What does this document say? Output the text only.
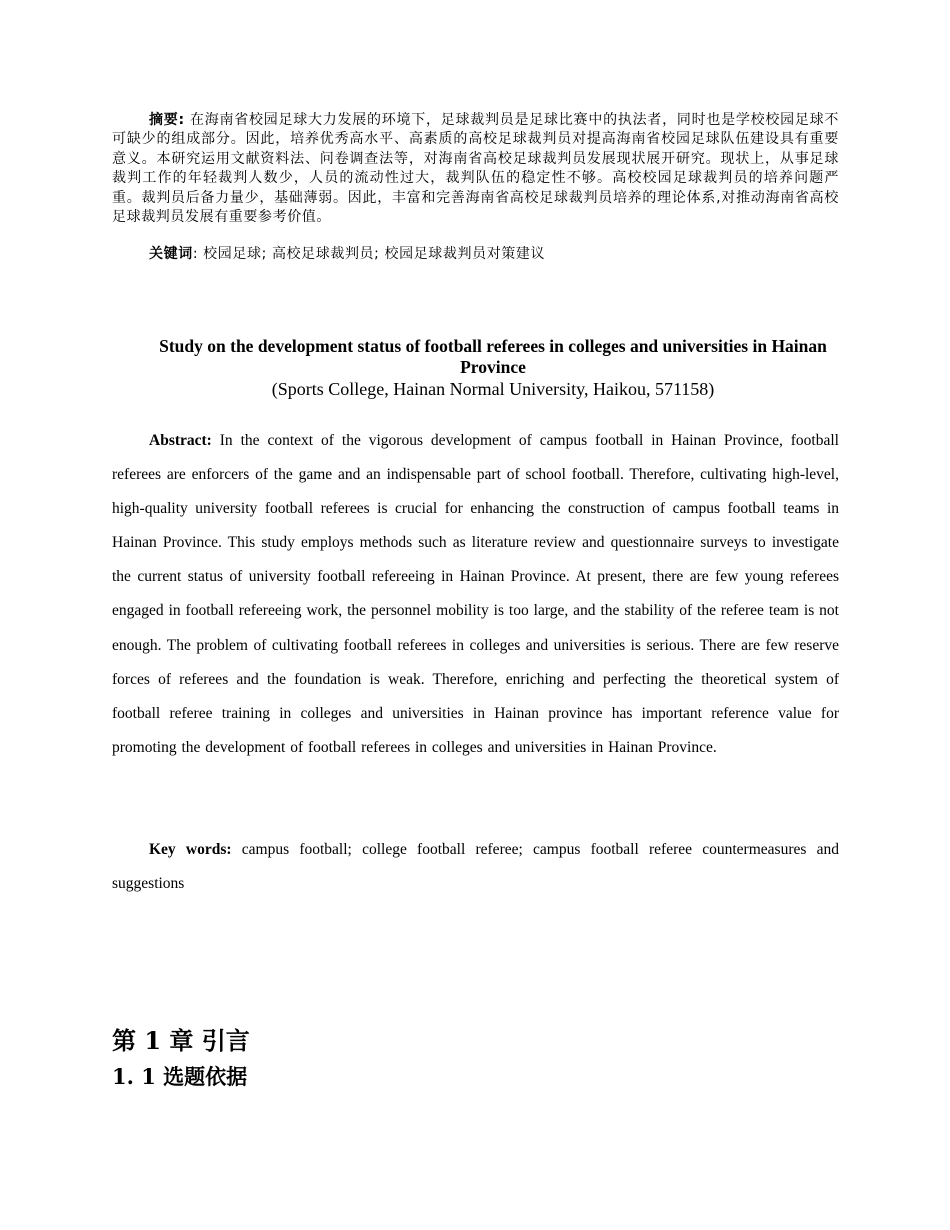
摘要: 在海南省校园足球大力发展的环境下，足球裁判员是足球比赛中的执法者，同时也是学校校园足球不可缺少的组成部分。因此，培养优秀高水平、高素质的高校足球裁判员对提高海南省校园足球队伍建设具有重要意义。本研究运用文献资料法、问卷调查法等，对海南省高校足球裁判员发展现状展开研究。现状上，从事足球裁判工作的年轻裁判人数少，人员的流动性过大，裁判队伍的稳定性不够。高校校园足球裁判员的培养问题严重。裁判员后备力量少，基础薄弱。因此，丰富和完善海南省高校足球裁判员培养的理论体系,对推动海南省高校足球裁判员发展有重要参考价值。

关键词: 校园足球; 高校足球裁判员; 校园足球裁判员对策建议

Study on the development status of football referees in colleges and universities in Hainan Province

(Sports College, Hainan Normal University, Haikou, 571158)

Abstract: In the context of the vigorous development of campus football in Hainan Province, football referees are enforcers of the game and an indispensable part of school football. Therefore, cultivating high-level, high-quality university football referees is crucial for enhancing the construction of campus football teams in Hainan Province. This study employs methods such as literature review and questionnaire surveys to investigate the current status of university football refereeing in Hainan Province. At present, there are few young referees engaged in football refereeing work, the personnel mobility is too large, and the stability of the referee team is not enough. The problem of cultivating football referees in colleges and universities is serious. There are few reserve forces of referees and the foundation is weak. Therefore, enriching and perfecting the theoretical system of football referee training in colleges and universities in Hainan province has important reference value for promoting the development of football referees in colleges and universities in Hainan Province.

Key words: campus football; college football referee; campus football referee countermeasures and suggestions

第 1 章 引言
1. 1 选题依据
